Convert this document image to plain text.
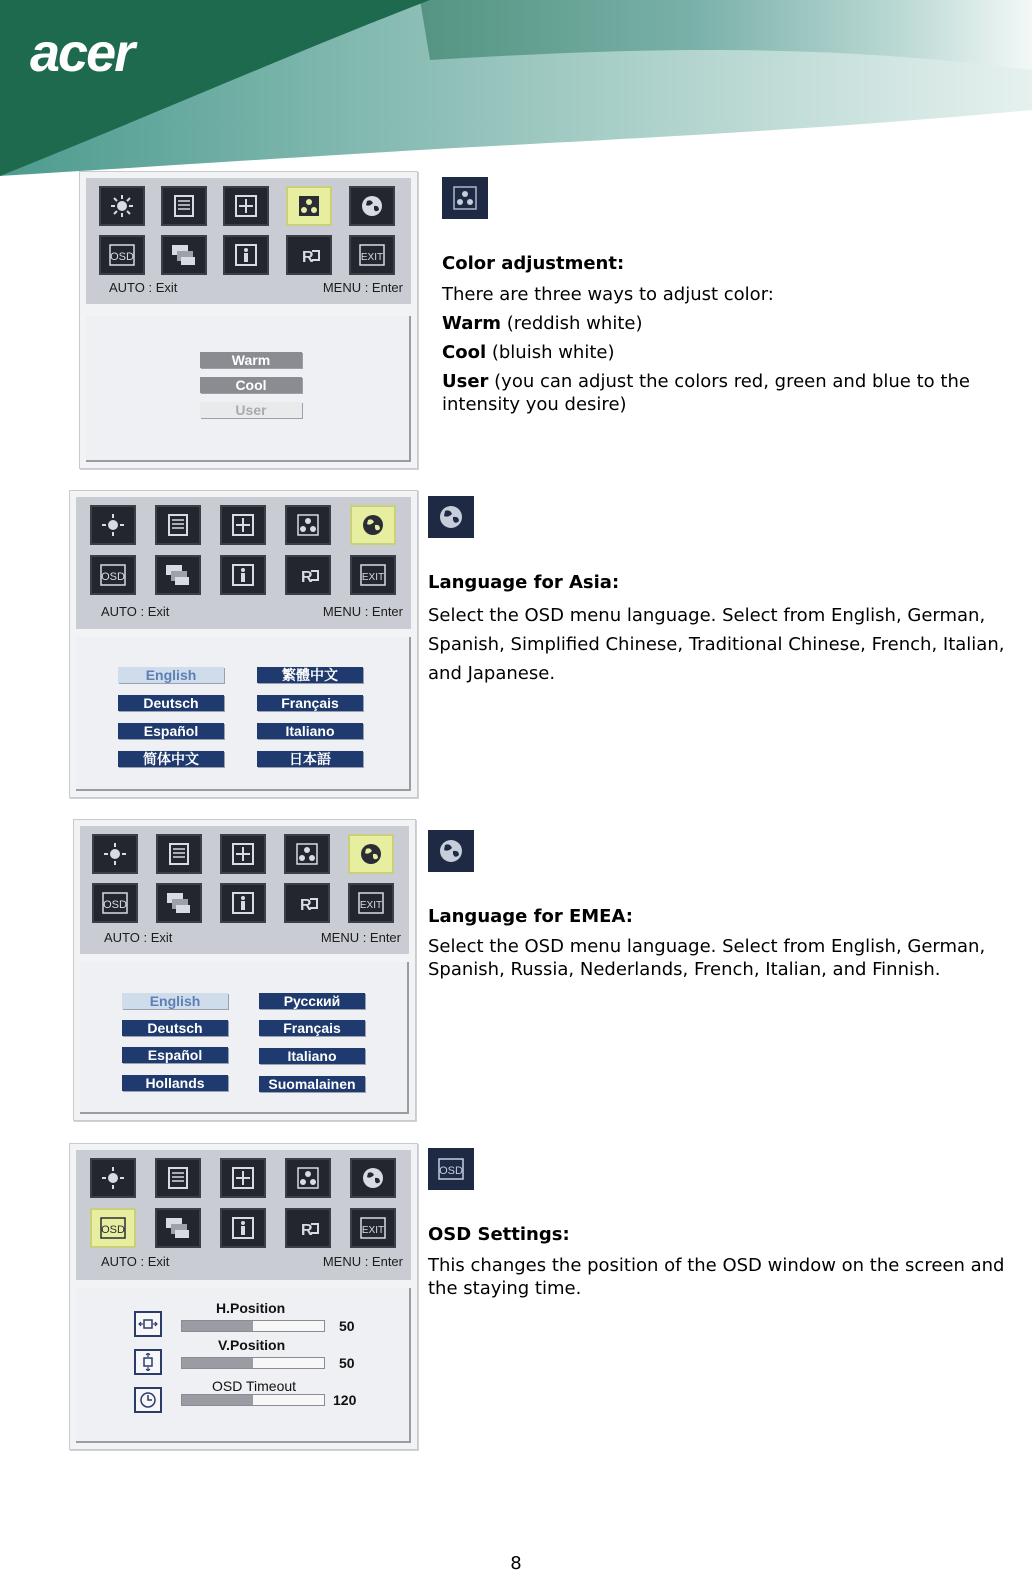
acer
OSD	R	EXIT
AUTO : Exit	MENU : Enter
Warm
Cool
User
Color adjustment:
There are three ways to adjust color:
Warm (reddish white)
Cool (bluish white)
User (you can adjust the colors red, green and blue to the intensity you desire)
OSD	R	EXIT
AUTO : Exit	MENU : Enter
English
Deutsch
Español
简体中文
繁體中文
Français
Italiano
日本語
Language for Asia:
Select the OSD menu language. Select from English, German, Spanish, Simplified Chinese, Traditional Chinese, French, Italian, and Japanese.
OSD	R	EXIT
AUTO : Exit	MENU : Enter
English
Deutsch
Español
Hollands
Русский
Français
Italiano
Suomalainen
Language for EMEA:
Select the OSD menu language. Select from English, German, Spanish, Russia, Nederlands, French, Italian, and Finnish.
OSD	R	EXIT
AUTO : Exit	MENU : Enter
H.Position
50
V.Position
50
OSD Timeout
120
OSD
OSD Settings:
This changes the position of the OSD window on the screen and the staying time.
8
